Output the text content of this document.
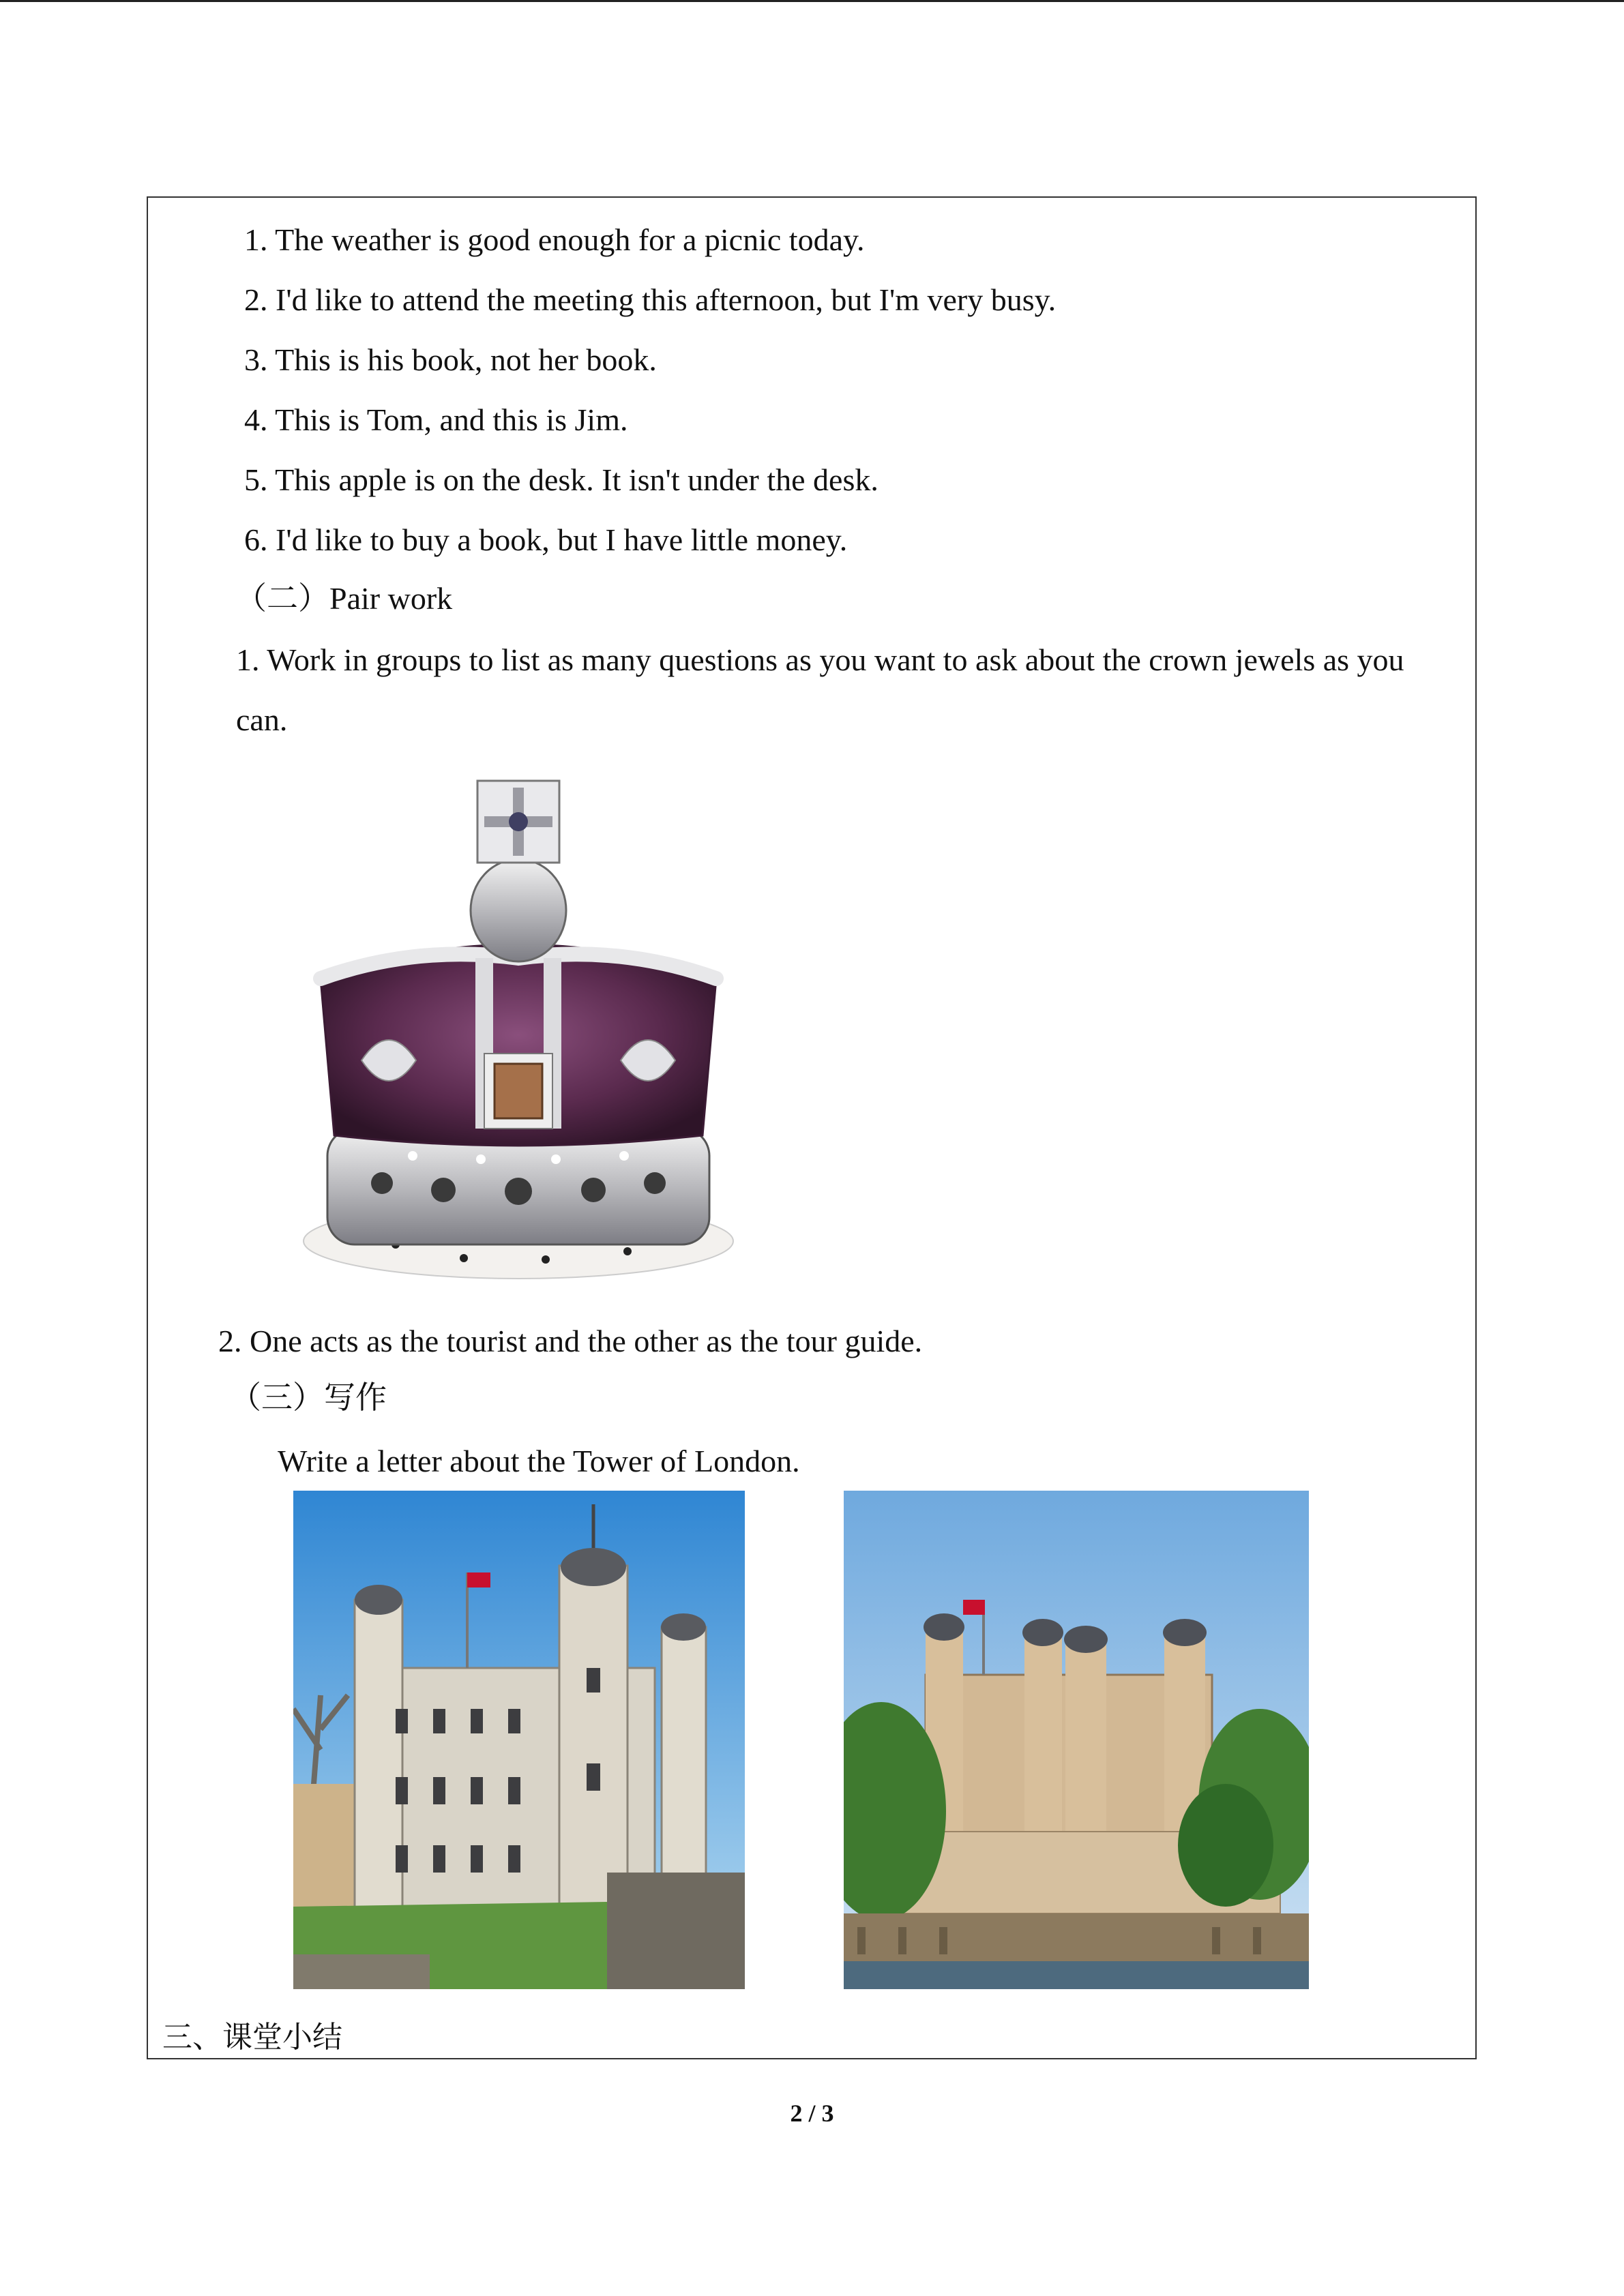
1. The weather is good enough for a picnic today.
2. I'd like to attend the meeting this afternoon, but I'm very busy.
3. This is his book, not her book.
4. This is Tom, and this is Jim.
5. This apple is on the desk. It isn't under the desk.
6. I'd like to buy a book, but I have little money.
（二）Pair work
1. Work in groups to list as many questions as you want to ask about the crown jewels as you
can.
2. One acts as the tourist and the other as the tour guide.
（三）写作
Write a letter about the Tower of London.
三、课堂小结
2 / 3
